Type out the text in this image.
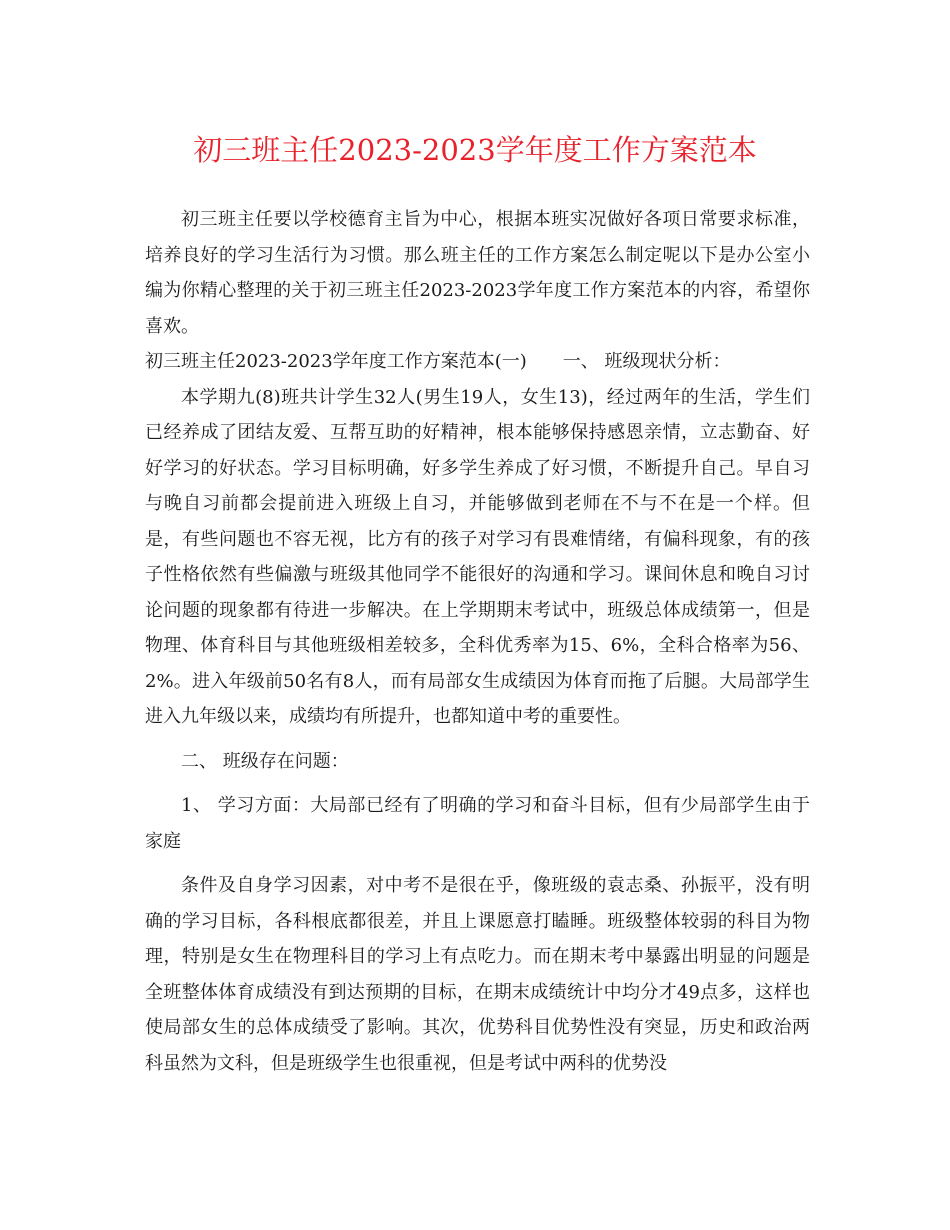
初三班主任2023-2023学年度工作方案范本

初三班主任要以学校德育主旨为中心，根据本班实况做好各项日常要求标准，培养良好的学习生活行为习惯。那么班主任的工作方案怎么制定呢以下是办公室小编为你精心整理的关于初三班主任2023-2023学年度工作方案范本的内容，希望你喜欢。

初三班主任2023-2023学年度工作方案范本(一)　　一、 班级现状分析：

本学期九(8)班共计学生32人(男生19人，女生13)，经过两年的生活，学生们已经养成了团结友爱、互帮互助的好精神，根本能够保持感恩亲情，立志勤奋、好好学习的好状态。学习目标明确，好多学生养成了好习惯，不断提升自己。早自习与晚自习前都会提前进入班级上自习，并能够做到老师在不与不在是一个样。但是，有些问题也不容无视，比方有的孩子对学习有畏难情绪，有偏科现象，有的孩子性格依然有些偏激与班级其他同学不能很好的沟通和学习。课间休息和晚自习讨论问题的现象都有待进一步解决。在上学期期末考试中，班级总体成绩第一，但是物理、体育科目与其他班级相差较多，全科优秀率为15、6%，全科合格率为56、2%。进入年级前50名有8人，而有局部女生成绩因为体育而拖了后腿。大局部学生进入九年级以来，成绩均有所提升，也都知道中考的重要性。

二、 班级存在问题：

1、 学习方面：大局部已经有了明确的学习和奋斗目标，但有少局部学生由于家庭

条件及自身学习因素，对中考不是很在乎，像班级的袁志桑、孙振平，没有明确的学习目标，各科根底都很差，并且上课愿意打瞌睡。班级整体较弱的科目为物理，特别是女生在物理科目的学习上有点吃力。而在期末考中暴露出明显的问题是全班整体体育成绩没有到达预期的目标，在期末成绩统计中均分才49点多，这样也使局部女生的总体成绩受了影响。其次，优势科目优势性没有突显，历史和政治两科虽然为文科，但是班级学生也很重视，但是考试中两科的优势没
